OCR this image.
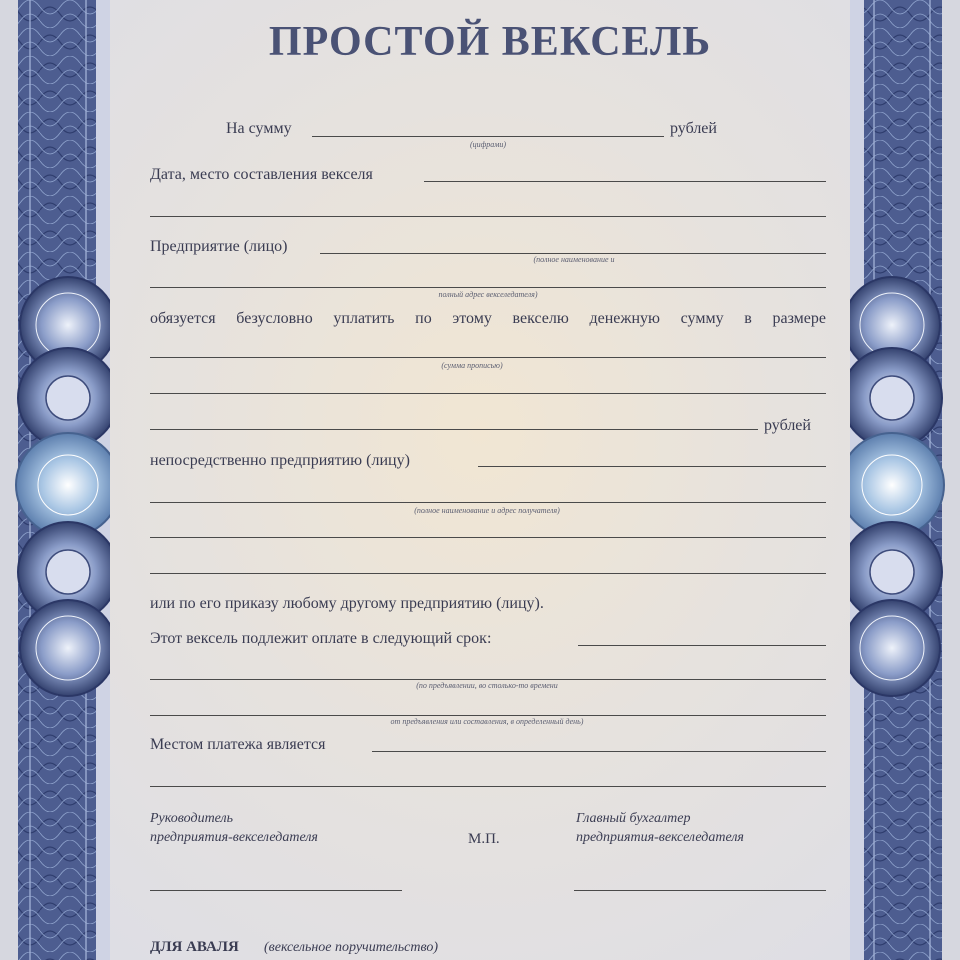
ПРОСТОЙ ВЕКСЕЛЬ
На сумму	рублей
(цифрами)
Дата, место составления векселя
Предприятие (лицо)
(полное наименование и
полный адрес векселедателя)
обязуется безусловно уплатить по этому векселю денежную сумму в размере
(сумма прописью)
рублей
непосредственно предприятию (лицу)
(полное наименование и адрес получателя)
или по его приказу любому другому предприятию (лицу).
Этот вексель подлежит оплате в следующий срок:
(по предъявлении, во столько-то времени
от предъявления или составления, в определенный день)
Местом платежа является
Руководитель
предприятия-векселедателя	М.П.
Главный бухгалтер
предприятия-векселедателя
ДЛЯ АВАЛЯ (вексельное поручительство)
